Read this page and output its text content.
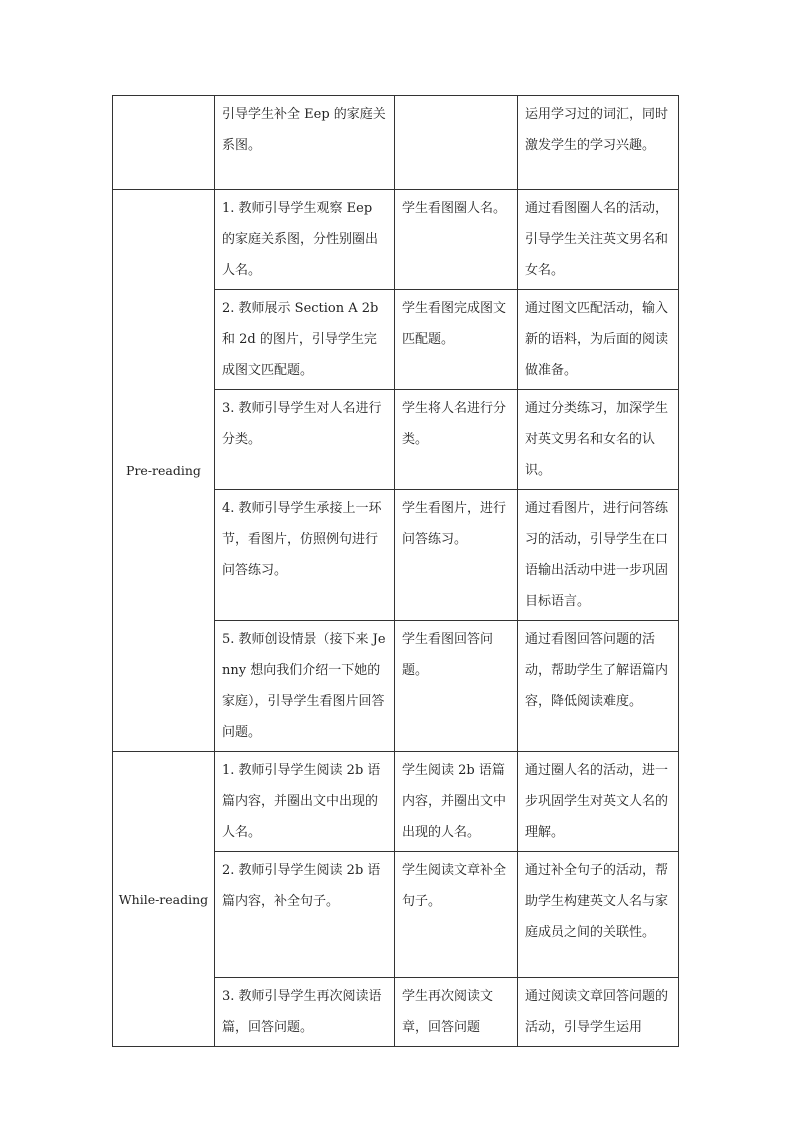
	引导学生补全 Eep 的家庭关系图。		运用学习过的词汇，同时激发学生的学习兴趣。

Pre-reading	1. 教师引导学生观察 Eep 的家庭关系图，分性别圈出人名。	学生看图圈人名。	通过看图圈人名的活动，引导学生关注英文男名和女名。

	2. 教师展示 Section A 2b 和 2d 的图片，引导学生完成图文匹配题。	学生看图完成图文匹配题。	通过图文匹配活动，输入新的语料，为后面的阅读做准备。

	3. 教师引导学生对人名进行分类。	学生将人名进行分类。	通过分类练习，加深学生对英文男名和女名的认识。

	4. 教师引导学生承接上一环节，看图片，仿照例句进行问答练习。	学生看图片，进行问答练习。	通过看图片，进行问答练习的活动，引导学生在口语输出活动中进一步巩固目标语言。

	5. 教师创设情景（接下来 Jenny 想向我们介绍一下她的家庭），引导学生看图片回答问题。	学生看图回答问题。	通过看图回答问题的活动，帮助学生了解语篇内容，降低阅读难度。

While-reading	1. 教师引导学生阅读 2b 语篇内容，并圈出文中出现的人名。	学生阅读 2b 语篇内容，并圈出文中出现的人名。	通过圈人名的活动，进一步巩固学生对英文人名的理解。

	2. 教师引导学生阅读 2b 语篇内容，补全句子。	学生阅读文章补全句子。	通过补全句子的活动，帮助学生构建英文人名与家庭成员之间的关联性。

	3. 教师引导学生再次阅读语篇，回答问题。	学生再次阅读文章，回答问题	通过阅读文章回答问题的活动，引导学生运用
